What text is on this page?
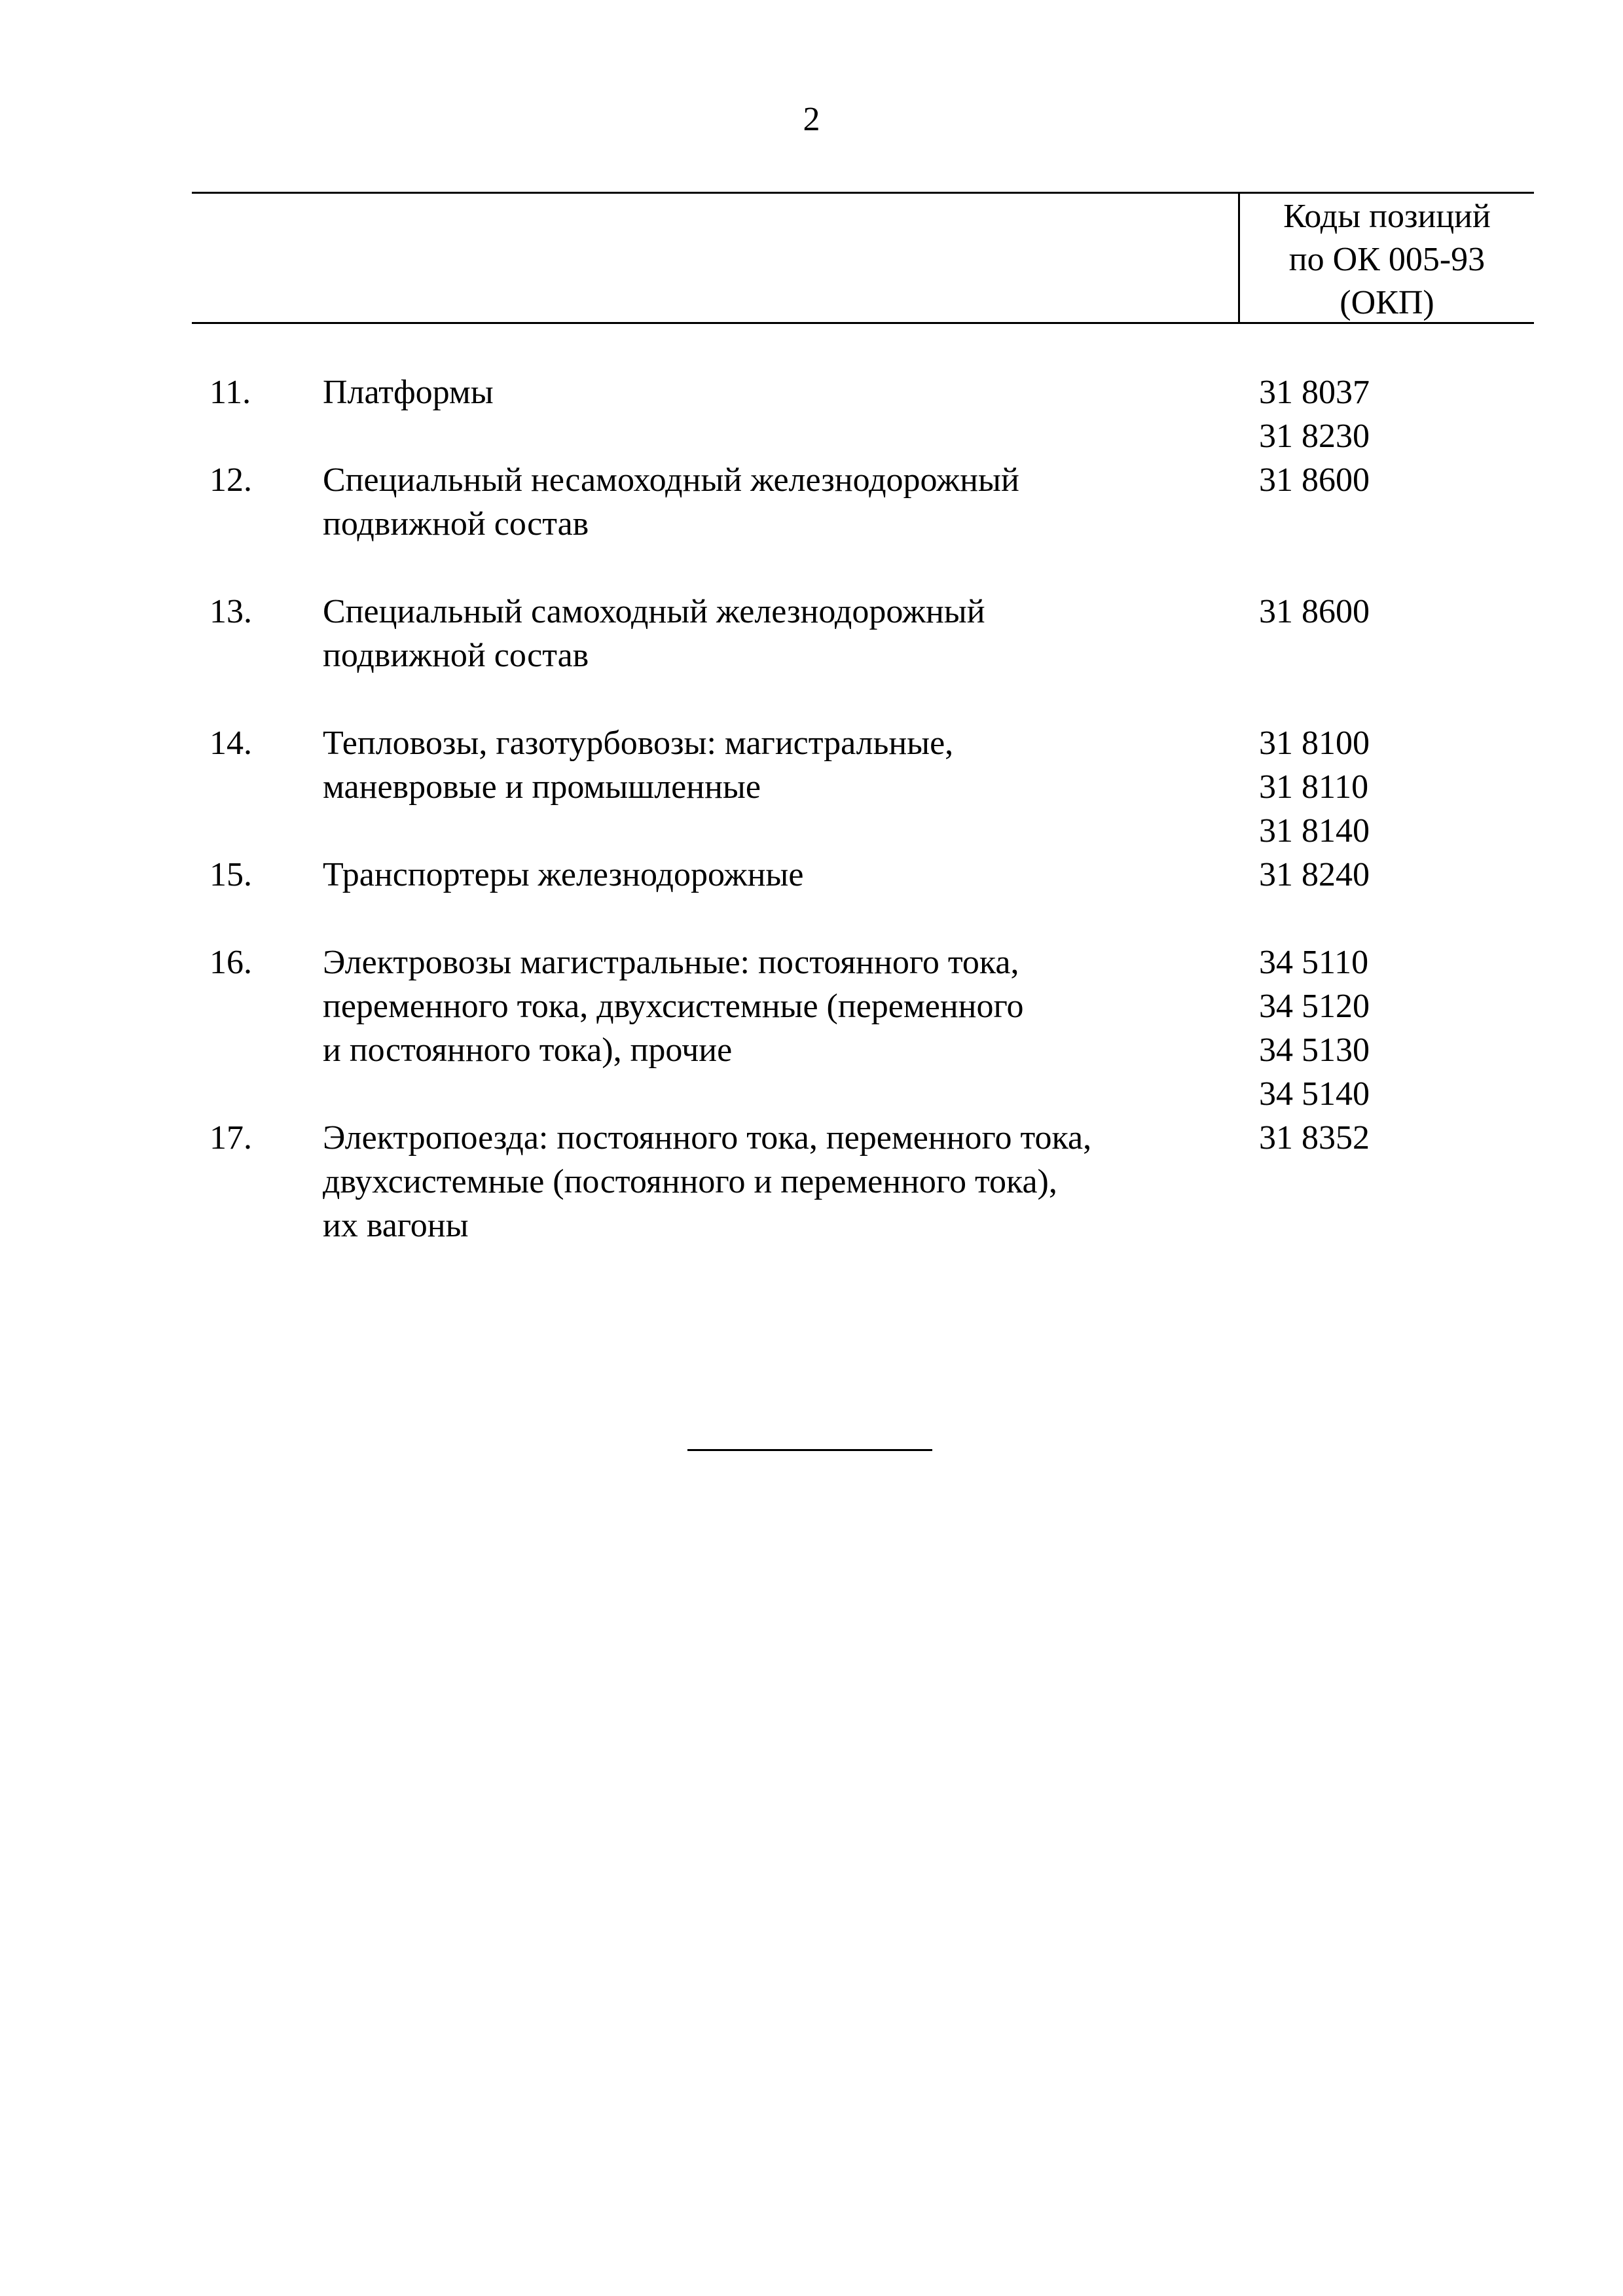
2
Коды позиций
по ОК 005-93
(ОКП)
11. Платформы	31 8037
31 8230
12. Специальный несамоходный железнодорожный
подвижной состав
31 8600
13. Специальный самоходный железнодорожный
подвижной состав
31 8600
14. Тепловозы, газотурбовозы: магистральные,
маневровые и промышленные
31 8100
31 8110
31 8140
15. Транспортеры железнодорожные	31 8240
16. Электровозы магистральные: постоянного тока,
переменного тока, двухсистемные (переменного
и постоянного тока), прочие
34 5110
34 5120
34 5130
34 5140
17. Электропоезда: постоянного тока, переменного тока,
двухсистемные (постоянного и переменного тока),
их вагоны
31 8352
